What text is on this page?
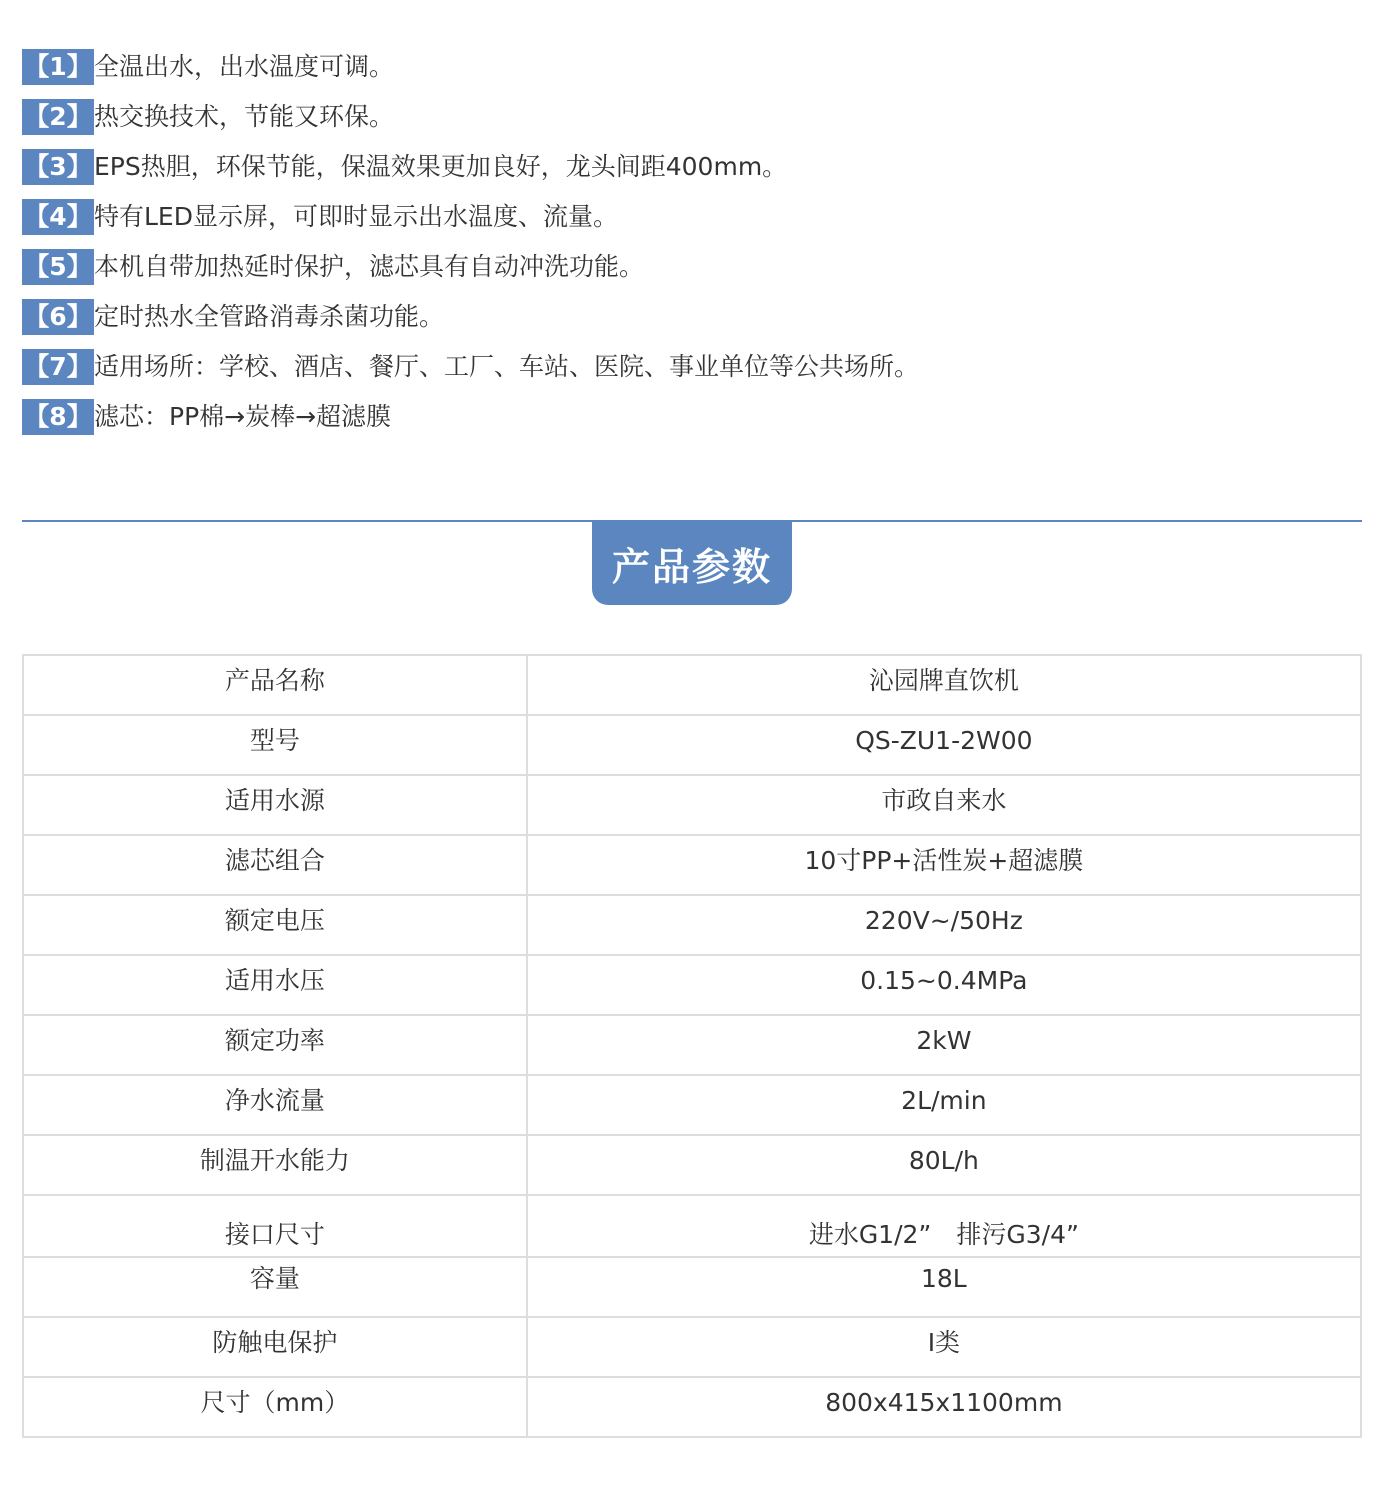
【1】 全温出水，出水温度可调。
【2】 热交换技术，节能又环保。
【3】 EPS热胆，环保节能，保温效果更加良好，龙头间距400mm。
【4】 特有LED显示屏，可即时显示出水温度、流量。
【5】 本机自带加热延时保护，滤芯具有自动冲洗功能。
【6】 定时热水全管路消毒杀菌功能。
【7】 适用场所：学校、酒店、餐厅、工厂、车站、医院、事业单位等公共场所。
【8】 滤芯：PP棉→炭棒→超滤膜
产品参数
产品名称	沁园牌直饮机

型号	QS-ZU1-2W00

适用水源	市政自来水

滤芯组合	10寸PP+活性炭+超滤膜

额定电压	220V~/50Hz

适用水压	0.15~0.4MPa

额定功率	2kW

净水流量	2L/min

制温开水能力	80L/h

接口尺寸	进水G1/2”　排污G3/4”

容量	18L

防触电保护	Ⅰ类

尺寸（mm）	800x415x1100mm
